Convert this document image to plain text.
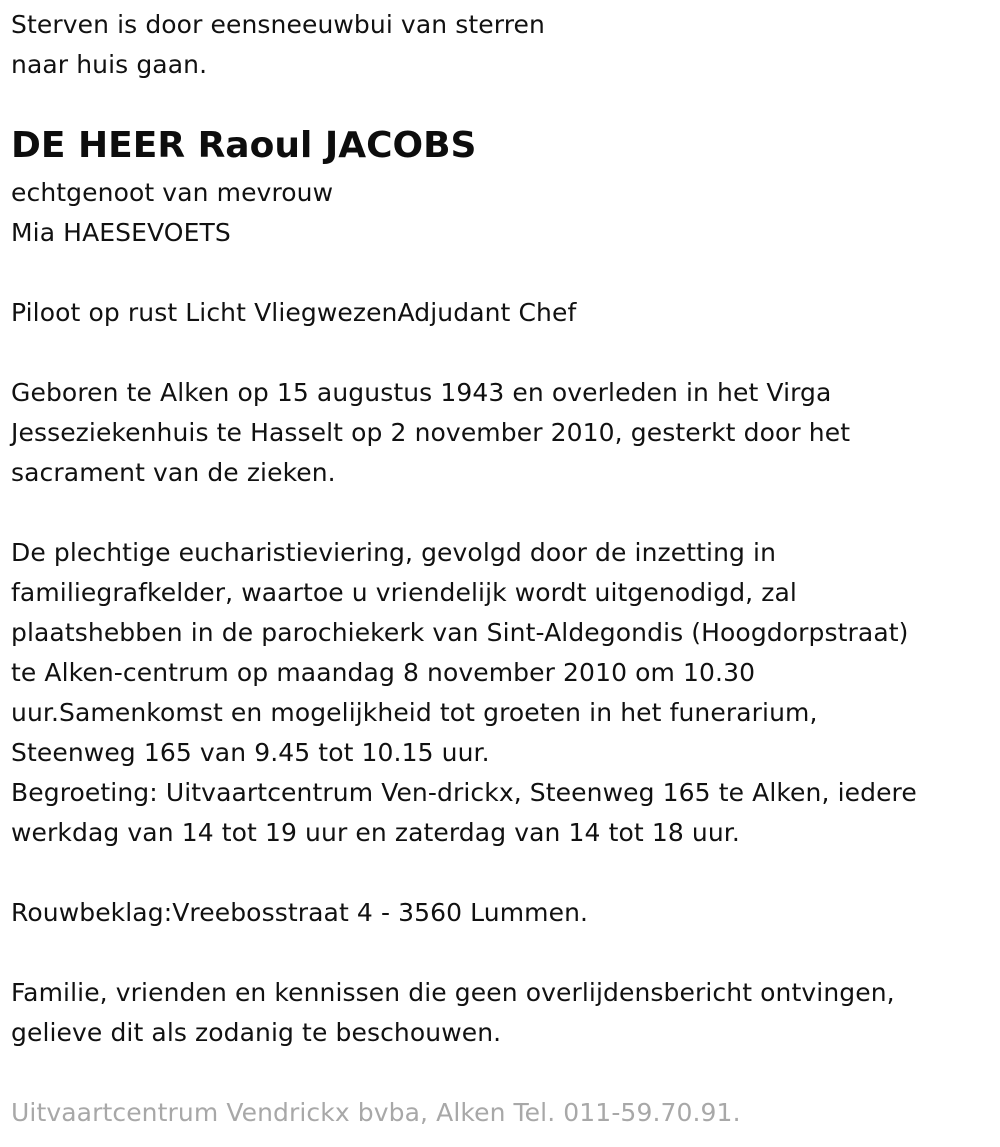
Sterven is door eensneeuwbui van sterren
naar huis gaan.
DE HEER Raoul JACOBS
echtgenoot van mevrouw
Mia HAESEVOETS
Piloot op rust Licht VliegwezenAdjudant Chef
Geboren te Alken op 15 augustus 1943 en overleden in het Virga
Jesseziekenhuis te Hasselt op 2 november 2010, gesterkt door het
sacrament van de zieken.
De plechtige eucharistieviering, gevolgd door de inzetting in
familiegrafkelder, waartoe u vriendelijk wordt uitgenodigd, zal
plaatshebben in de parochiekerk van Sint-Aldegondis (Hoogdorpstraat)
te Alken-centrum op maandag 8 november 2010 om 10.30
uur.Samenkomst en mogelijkheid tot groeten in het funerarium,
Steenweg 165 van 9.45 tot 10.15 uur.
Begroeting: Uitvaartcentrum Ven-drickx, Steenweg 165 te Alken, iedere
werkdag van 14 tot 19 uur en zaterdag van 14 tot 18 uur.
Rouwbeklag:Vreebosstraat 4 - 3560 Lummen.
Familie, vrienden en kennissen die geen overlijdensbericht ontvingen,
gelieve dit als zodanig te beschouwen.
Uitvaartcentrum Vendrickx bvba, Alken Tel. 011-59.70.91.
